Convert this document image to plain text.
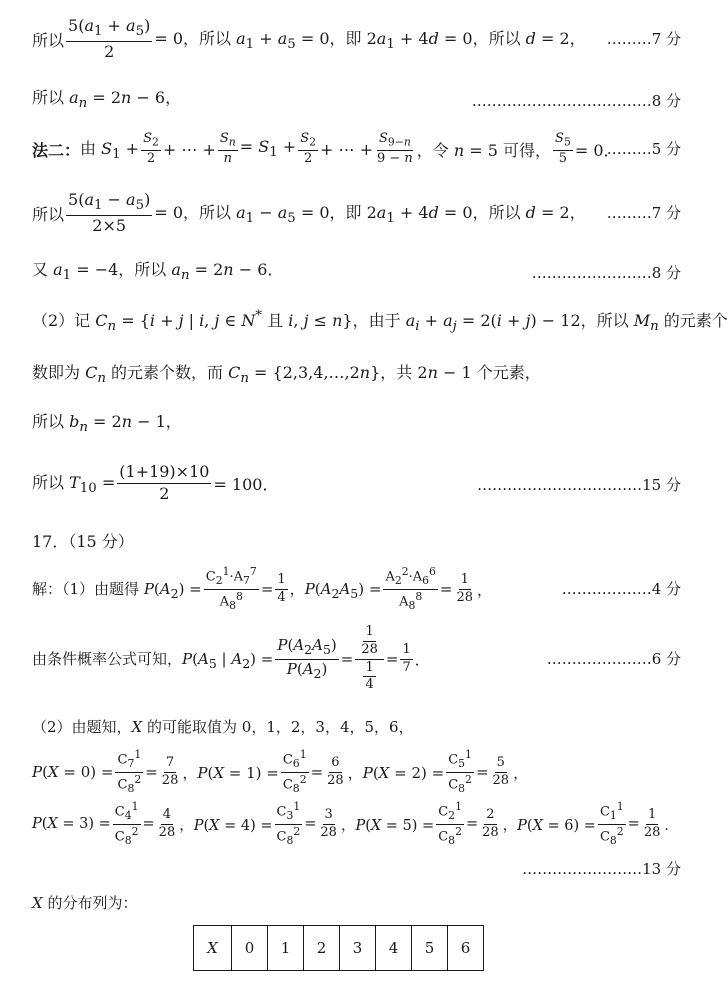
所以 $\frac{5(a_1 + a_5)}{2} = 0$，所以 $a_1 + a_5 = 0$，即 $2a_1 + 4d = 0$，所以 d = 2， ………7 分
所以 $a_n = 2n - 6$，	………………………………8 分
法二： 由 $S_1 + \frac{S_2}{2}$ + ⋯ + $\frac{S_n}{n} = S_1 + \frac{S_2}{2}$ + ⋯ + $\frac{S_{9-n}}{9 - n}$ ，令 n = 5 可得， $\frac{S_5}{5} = 0$．
………5 分
所以 $\frac{5(a_1 - a_5)}{2\times 5} = 0$，所以 $a_1 - a_5 = 0$，即 $2a_1 + 4d = 0$，所以 d = 2， ………7 分
又 $a_1 = -4$，所以 $a_n = 2n - 6$．	……………………8 分
（2）记 $C_n = \{i + j$ | i, j ∈ N* 且 i, j ≤ n}，由于 $a_i + a_j = 2(i + j) - 12$，所以 $M_n$ 的元素个
数即为 $C_n$ 的元素个数，而 $C_n$ = {2,3,4,…,2n}，共 2n − 1 个元素，
所以 $b_n = 2n - 1$，
所以 $T_{10} = \frac{(1+19)\times 10}{2} = 100$．	……………………………15 分
17．（15 分）
解：（1）由题得 $P(A_2) = \frac{C_2^1\cdot A_7^7}{A_8^8} = \frac{1}{4}$ ，$P(A_2A_5) = \frac{A_2^2\cdot A_6^6}{A_8^8} = \frac{1}{28}$ ，	………………4 分
由条件概率公式可知，$P(A_5$ | $A_2) = \frac{P(A_2A_5)}{P(A_2)} = \frac{\frac{1}{28}}{\frac{1}{4}} = \frac{1}{7}$ ．	…………………6 分
（2）由题知，X 的可能取值为 0，1，2，3，4，5，6，
$P(X = 0) = \frac{C_7^1}{C_8^2} = \frac{7}{28}$ ，$P(X = 1) = \frac{C_6^1}{C_8^2} = \frac{6}{28}$ ，$P(X = 2) = \frac{C_5^1}{C_8^2} = \frac{5}{28}$ ，
$P(X = 3) = \frac{C_4^1}{C_8^2} = \frac{4}{28}$ ，$P(X = 4) = \frac{C_3^1}{C_8^2} = \frac{3}{28}$ ，$P(X = 5) = \frac{C_2^1}{C_8^2} = \frac{2}{28}$ ，$P(X = 6) = \frac{C_1^1}{C_8^2} = \frac{1}{28}$ ．
……………………13 分
X 的分布列为：
X	0	1	2	3	4	5	6
